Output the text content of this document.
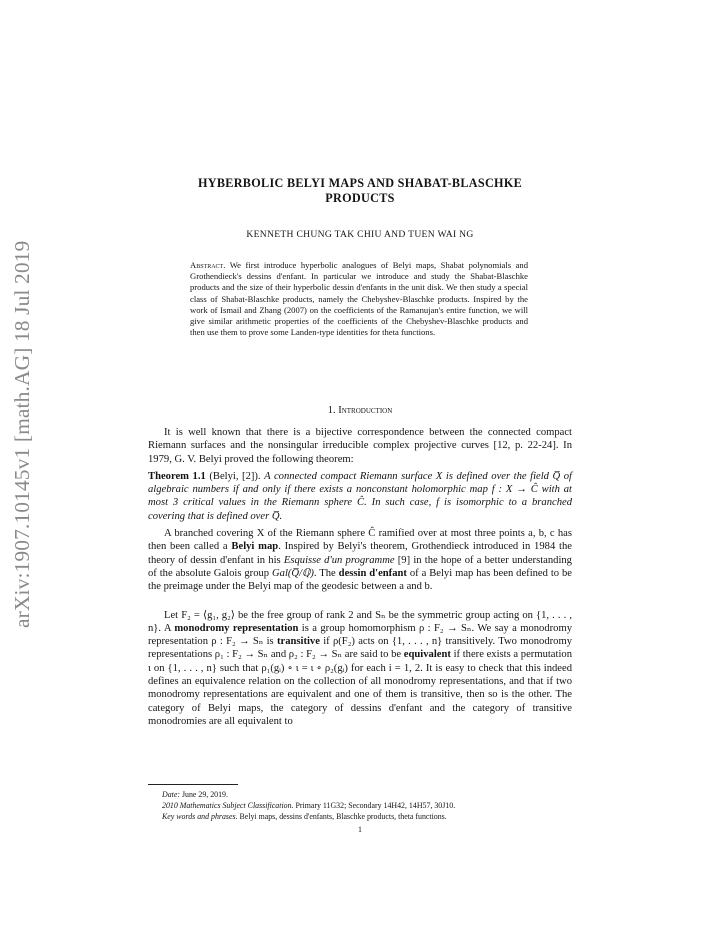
arXiv:1907.10145v1 [math.AG] 18 Jul 2019
HYBERBOLIC BELYI MAPS AND SHABAT-BLASCHKE
PRODUCTS
KENNETH CHUNG TAK CHIU AND TUEN WAI NG
Abstract. We first introduce hyperbolic analogues of Belyi maps, Shabat polynomials and Grothendieck's dessins d'enfant. In particular we introduce and study the Shabat-Blaschke products and the size of their hyperbolic dessin d'enfants in the unit disk. We then study a special class of Shabat-Blaschke products, namely the Chebyshev-Blaschke products. Inspired by the work of Ismail and Zhang (2007) on the coefficients of the Ramanujan's entire function, we will give similar arithmetic properties of the coefficients of the Chebyshev-Blaschke products and then use them to prove some Landen-type identities for theta functions.
1. Introduction

It is well known that there is a bijective correspondence between the connected compact Riemann surfaces and the nonsingular irreducible complex projective curves [12, p. 22-24]. In 1979, G. V. Belyi proved the following theorem:

Theorem 1.1 (Belyi, [2]). A connected compact Riemann surface X is defined over the field Q̅ of algebraic numbers if and only if there exists a nonconstant holomorphic map f : X → Ĉ with at most 3 critical values in the Riemann sphere Ĉ. In such case, f is isomorphic to a branched covering that is defined over Q̅.

A branched covering X of the Riemann sphere Ĉ ramified over at most three points a, b, c has then been called a Belyi map. Inspired by Belyi's theorem, Grothendieck introduced in 1984 the theory of dessin d'enfant in his Esquisse d'un programme [9] in the hope of a better understanding of the absolute Galois group Gal(Q̅/ℚ). The dessin d'enfant of a Belyi map has been defined to be the preimage under the Belyi map of the geodesic between a and b.

Let F₂ = ⟨g₁, g₂⟩ be the free group of rank 2 and Sₙ be the symmetric group acting on {1, . . . , n}. A monodromy representation is a group homomorphism ρ : F₂ → Sₙ. We say a monodromy representation ρ : F₂ → Sₙ is transitive if ρ(F₂) acts on {1, . . . , n} transitively. Two monodromy representations ρ₁ : F₂ → Sₙ and ρ₂ : F₂ → Sₙ are said to be equivalent if there exists a permutation ι on {1, . . . , n} such that ρ₁(gᵢ) ∘ ι = ι ∘ ρ₂(gᵢ) for each i = 1, 2. It is easy to check that this indeed defines an equivalence relation on the collection of all monodromy representations, and that if two monodromy representations are equivalent and one of them is transitive, then so is the other. The category of Belyi maps, the category of dessins d'enfant and the category of transitive monodromies are all equivalent to

Date: June 29, 2019.
2010 Mathematics Subject Classification. Primary 11G32; Secondary 14H42, 14H57, 30J10.
Key words and phrases. Belyi maps, dessins d'enfants, Blaschke products, theta functions.
1
